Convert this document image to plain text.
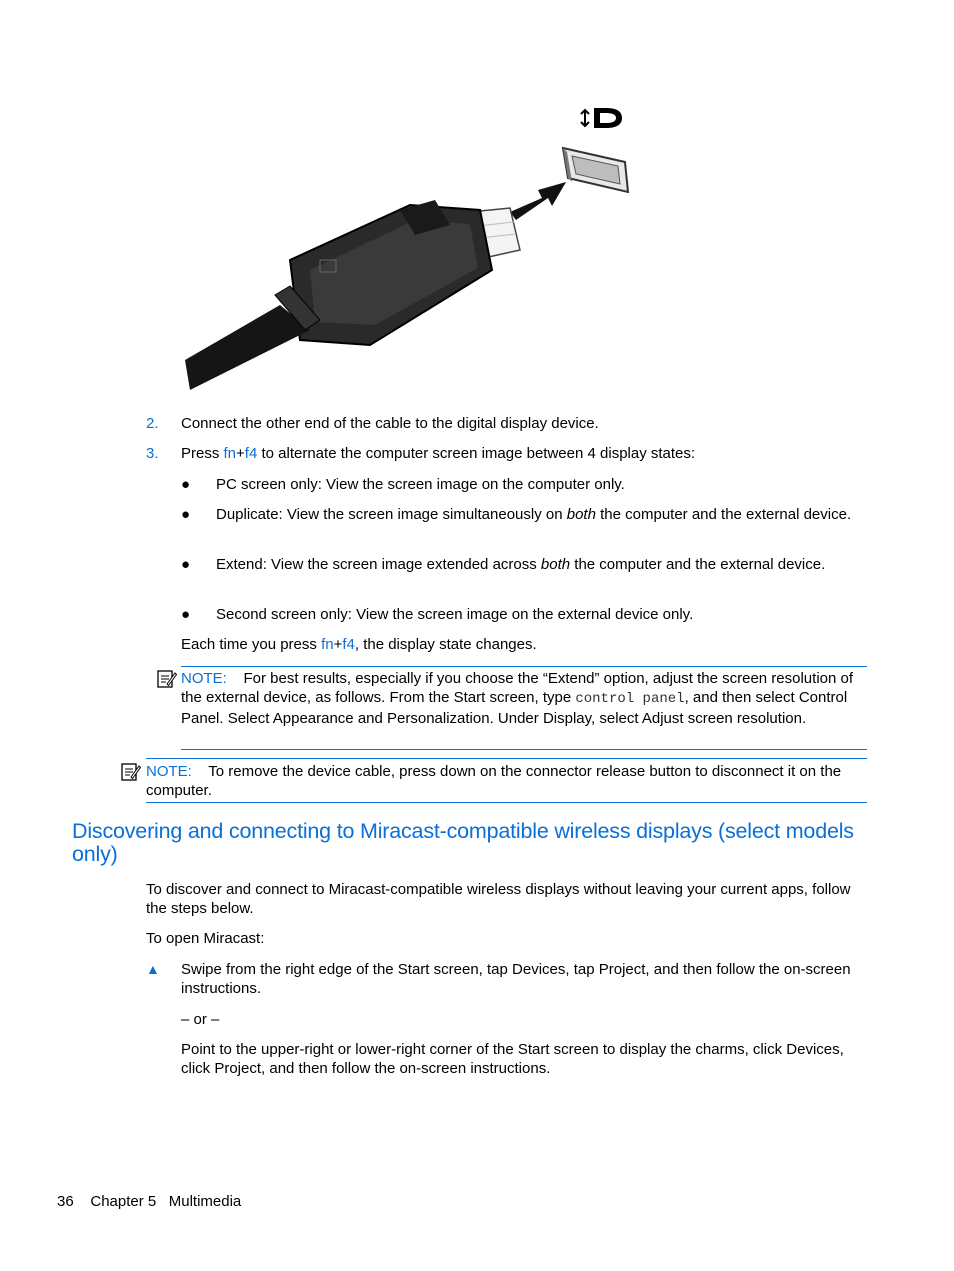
2. Connect the other end of the cable to the digital display device.
3. Press fn+f4 to alternate the computer screen image between 4 display states:
● PC screen only: View the screen image on the computer only.
● Duplicate: View the screen image simultaneously on both the computer and the external device.
● Extend: View the screen image extended across both the computer and the external device.
● Second screen only: View the screen image on the external device only.
Each time you press fn+f4, the display state changes.
NOTE: For best results, especially if you choose the “Extend” option, adjust the screen resolution of the external device, as follows. From the Start screen, type control panel, and then select Control Panel. Select Appearance and Personalization. Under Display, select Adjust screen resolution.
NOTE: To remove the device cable, press down on the connector release button to disconnect it on the computer.
Discovering and connecting to Miracast-compatible wireless displays (select models only)
To discover and connect to Miracast-compatible wireless displays without leaving your current apps, follow the steps below.
To open Miracast:
▲ Swipe from the right edge of the Start screen, tap Devices, tap Project, and then follow the on-screen instructions.
– or –
Point to the upper-right or lower-right corner of the Start screen to display the charms, click Devices, click Project, and then follow the on-screen instructions.
36 Chapter 5 Multimedia
